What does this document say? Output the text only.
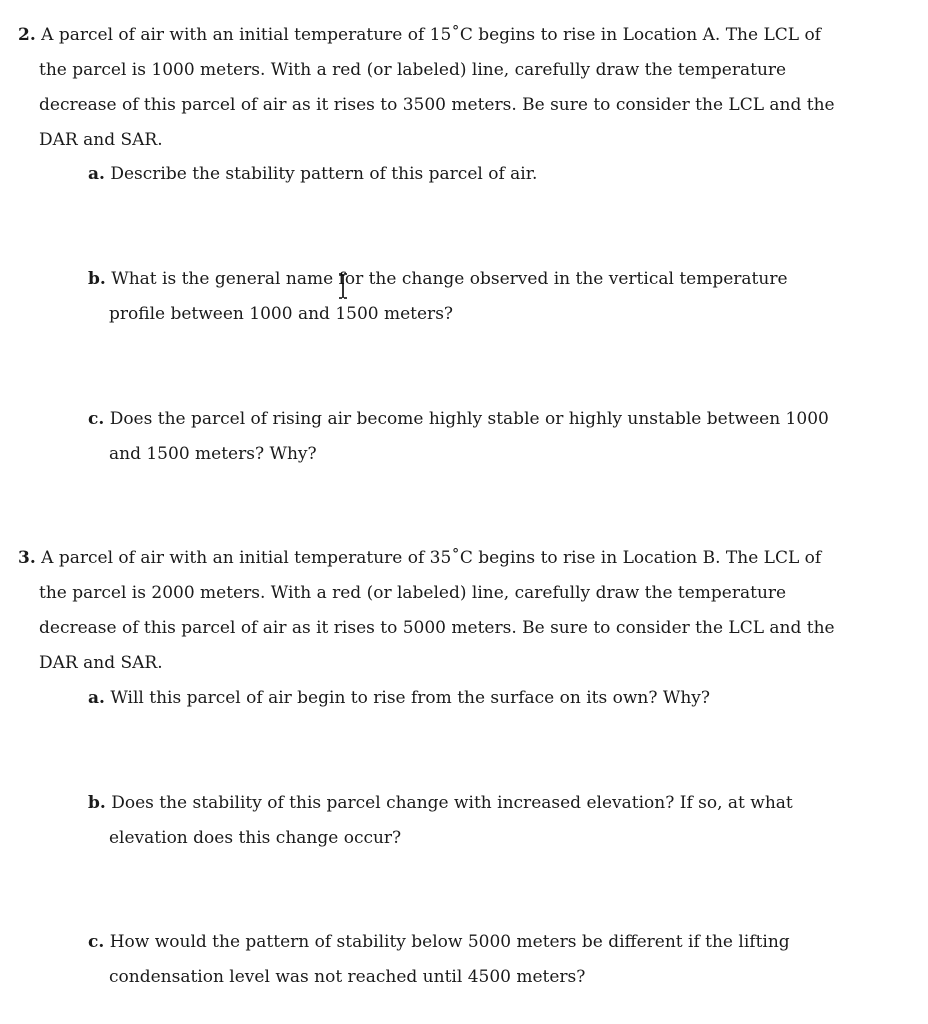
2. A parcel of air with an initial temperature of 15˚C begins to rise in Location A. The LCL of
the parcel is 1000 meters. With a red (or labeled) line, carefully draw the temperature
decrease of this parcel of air as it rises to 3500 meters. Be sure to consider the LCL and the
DAR and SAR.
a. Describe the stability pattern of this parcel of air.
b. What is the general name for the change observed in the vertical temperature
profile between 1000 and 1500 meters?
c. Does the parcel of rising air become highly stable or highly unstable between 1000
and 1500 meters? Why?
3. A parcel of air with an initial temperature of 35˚C begins to rise in Location B. The LCL of
the parcel is 2000 meters. With a red (or labeled) line, carefully draw the temperature
decrease of this parcel of air as it rises to 5000 meters. Be sure to consider the LCL and the
DAR and SAR.
a. Will this parcel of air begin to rise from the surface on its own? Why?
b. Does the stability of this parcel change with increased elevation? If so, at what
elevation does this change occur?
c. How would the pattern of stability below 5000 meters be different if the lifting
condensation level was not reached until 4500 meters?
